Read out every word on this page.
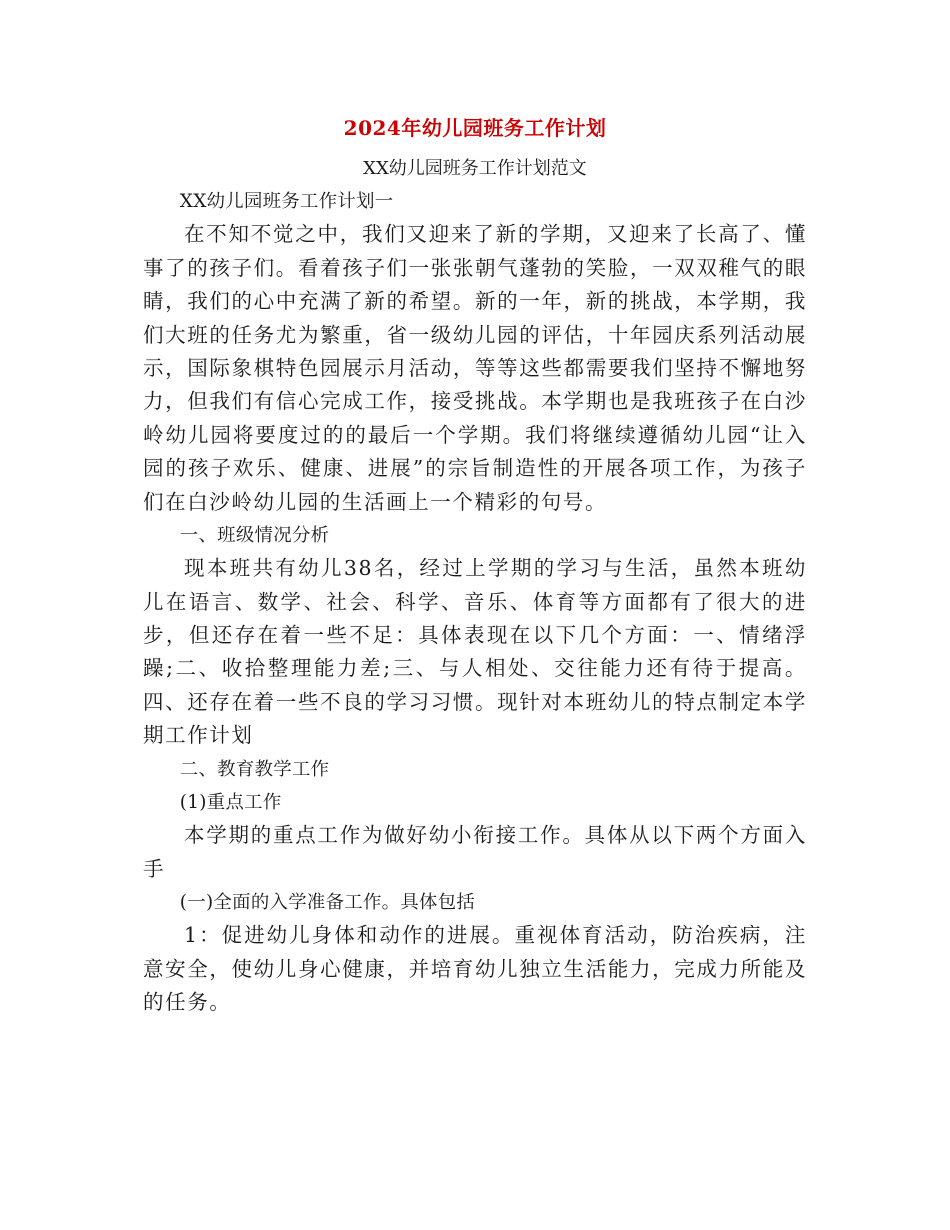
2024年幼儿园班务工作计划
XX幼儿园班务工作计划范文
XX幼儿园班务工作计划一
在不知不觉之中，我们又迎来了新的学期，又迎来了长高了、懂事了的孩子们。看着孩子们一张张朝气蓬勃的笑脸，一双双稚气的眼睛，我们的心中充满了新的希望。新的一年，新的挑战，本学期，我们大班的任务尤为繁重，省一级幼儿园的评估，十年园庆系列活动展示，国际象棋特色园展示月活动，等等这些都需要我们坚持不懈地努力，但我们有信心完成工作，接受挑战。本学期也是我班孩子在白沙岭幼儿园将要度过的的最后一个学期。我们将继续遵循幼儿园“让入园的孩子欢乐、健康、进展”的宗旨制造性的开展各项工作，为孩子们在白沙岭幼儿园的生活画上一个精彩的句号。
一、班级情况分析
现本班共有幼儿38名，经过上学期的学习与生活，虽然本班幼儿在语言、数学、社会、科学、音乐、体育等方面都有了很大的进步，但还存在着一些不足：具体表现在以下几个方面：一、情绪浮躁;二、收拾整理能力差;三、与人相处、交往能力还有待于提高。四、还存在着一些不良的学习习惯。现针对本班幼儿的特点制定本学期工作计划
二、教育教学工作
(1)重点工作
本学期的重点工作为做好幼小衔接工作。具体从以下两个方面入手
(一)全面的入学准备工作。具体包括
1：促进幼儿身体和动作的进展。重视体育活动，防治疾病，注意安全，使幼儿身心健康，并培育幼儿独立生活能力，完成力所能及的任务。
